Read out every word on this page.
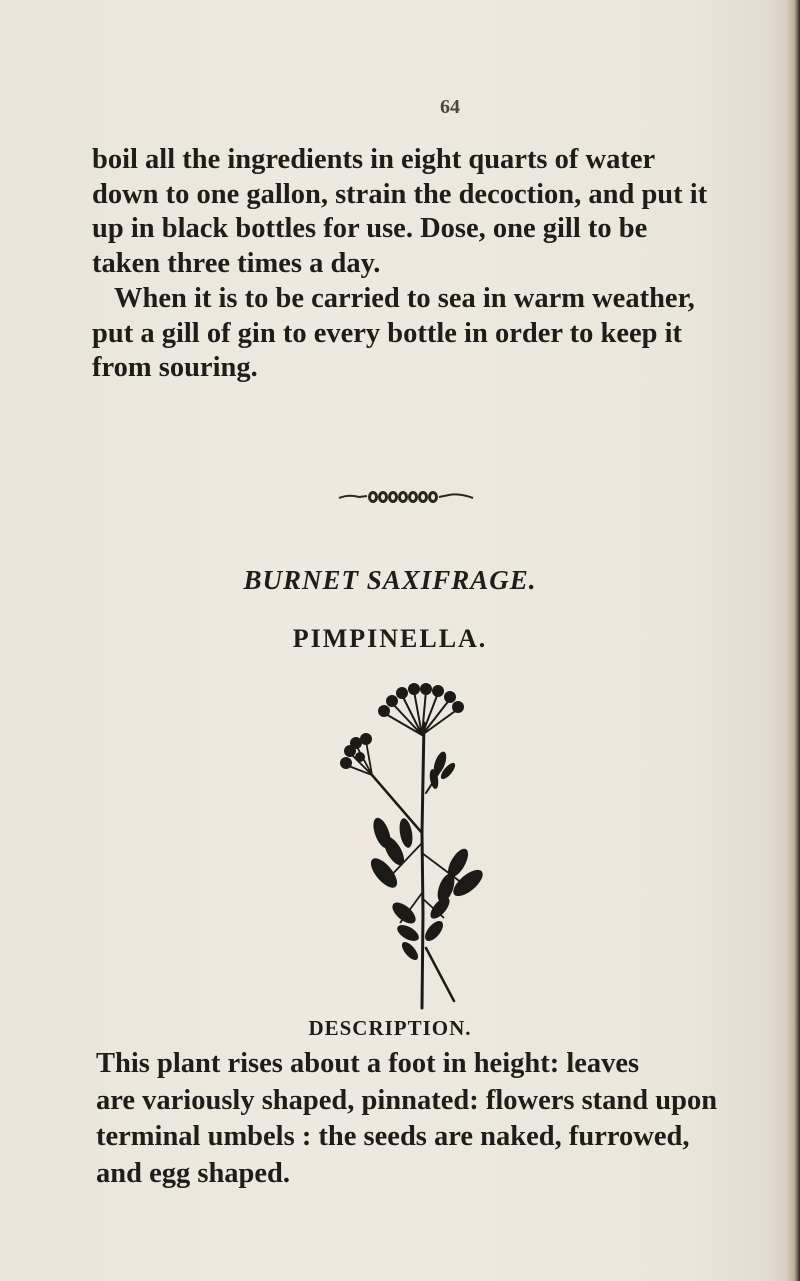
64

boil all the ingredients in eight quarts of water
down to one gallon, strain the decoction, and put it
up in black bottles for use. Dose, one gill to be
taken three times a day.

When it is to be carried to sea in warm weather,
put a gill of gin to every bottle in order to keep it
from souring.

BURNET SAXIFRAGE.
PIMPINELLA.
DESCRIPTION.

This plant rises about a foot in height: leaves
are variously shaped, pinnated: flowers stand upon
terminal umbels : the seeds are naked, furrowed,
and egg shaped.
